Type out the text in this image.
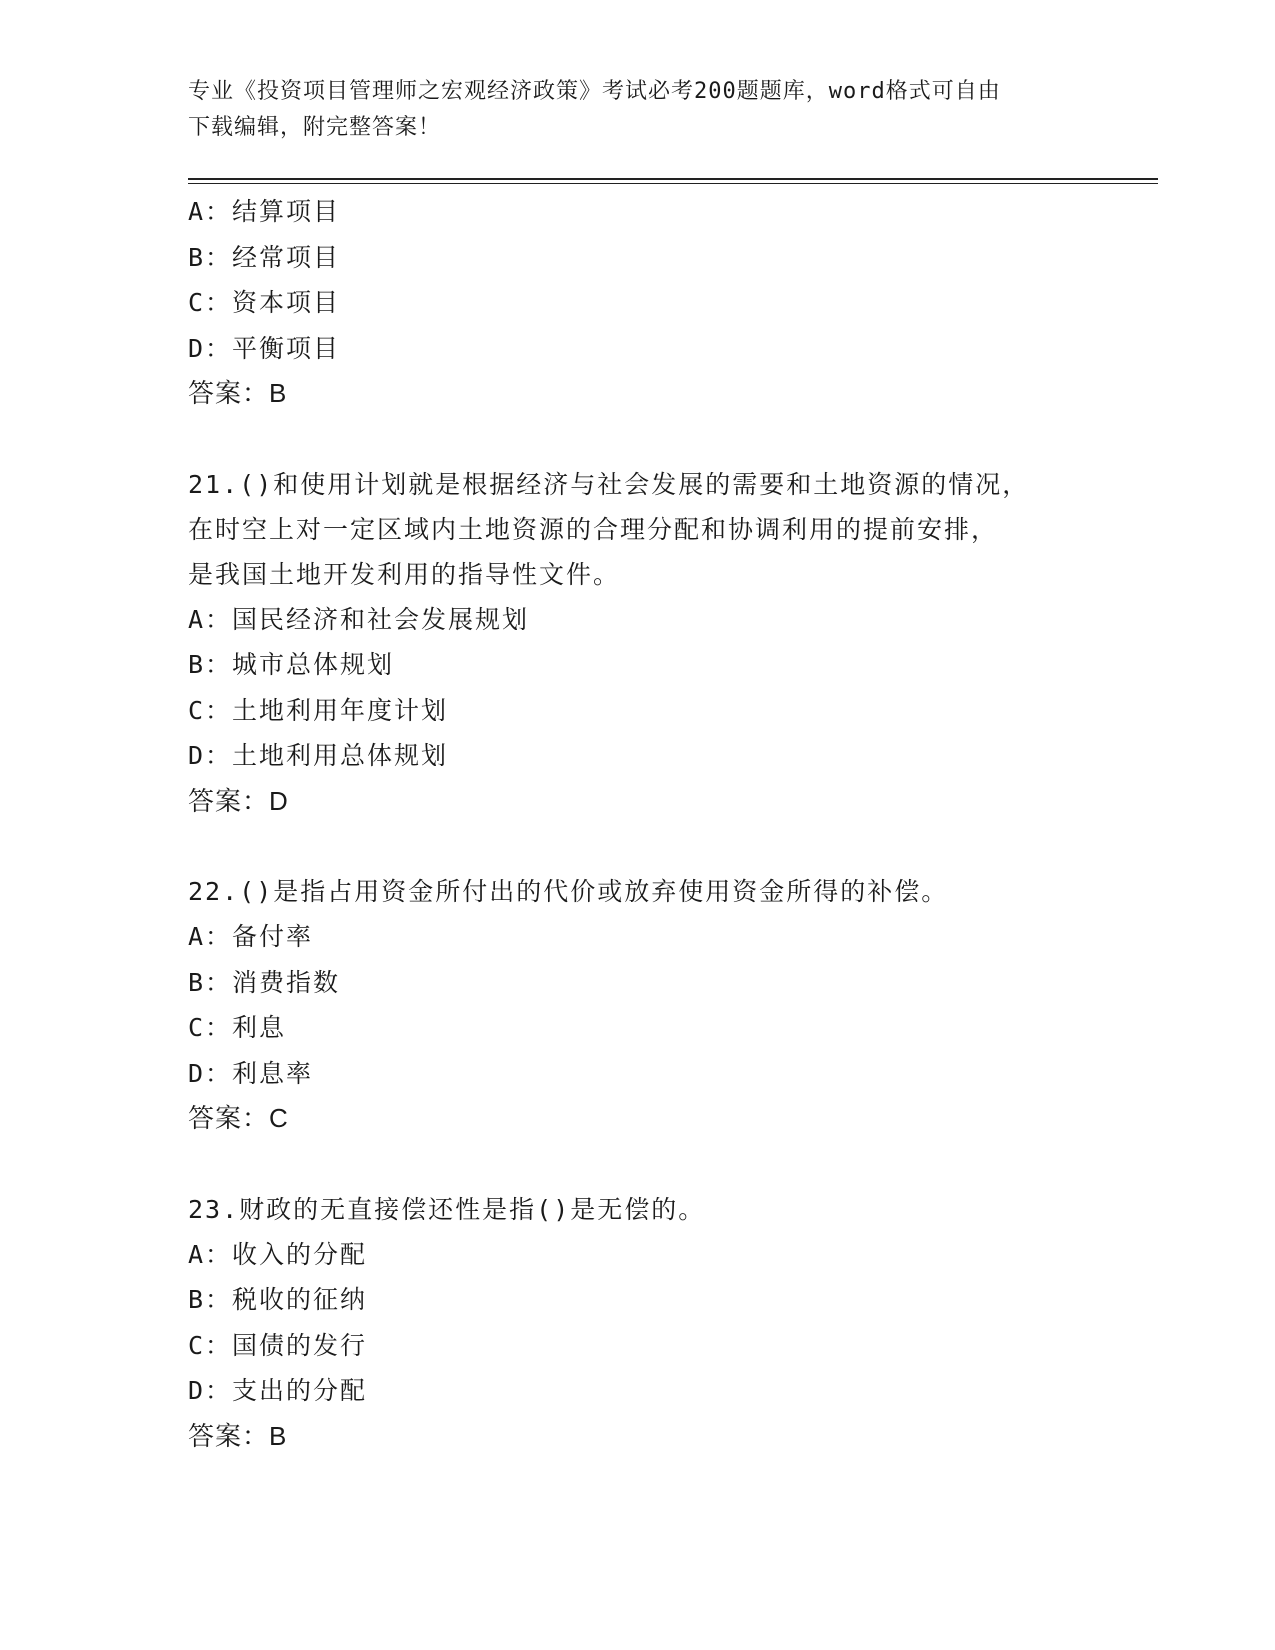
专业《投资项目管理师之宏观经济政策》考试必考200题题库，word格式可自由
下载编辑，附完整答案！
A：结算项目
B：经常项目
C：资本项目
D：平衡项目
答案：B
21.()和使用计划就是根据经济与社会发展的需要和土地资源的情况，
在时空上对一定区域内土地资源的合理分配和协调利用的提前安排，
是我国土地开发利用的指导性文件。
A：国民经济和社会发展规划
B：城市总体规划
C：土地利用年度计划
D：土地利用总体规划
答案：D
22.()是指占用资金所付出的代价或放弃使用资金所得的补偿。
A：备付率
B：消费指数
C：利息
D：利息率
答案：C
23.财政的无直接偿还性是指()是无偿的。
A：收入的分配
B：税收的征纳
C：国债的发行
D：支出的分配
答案：B
